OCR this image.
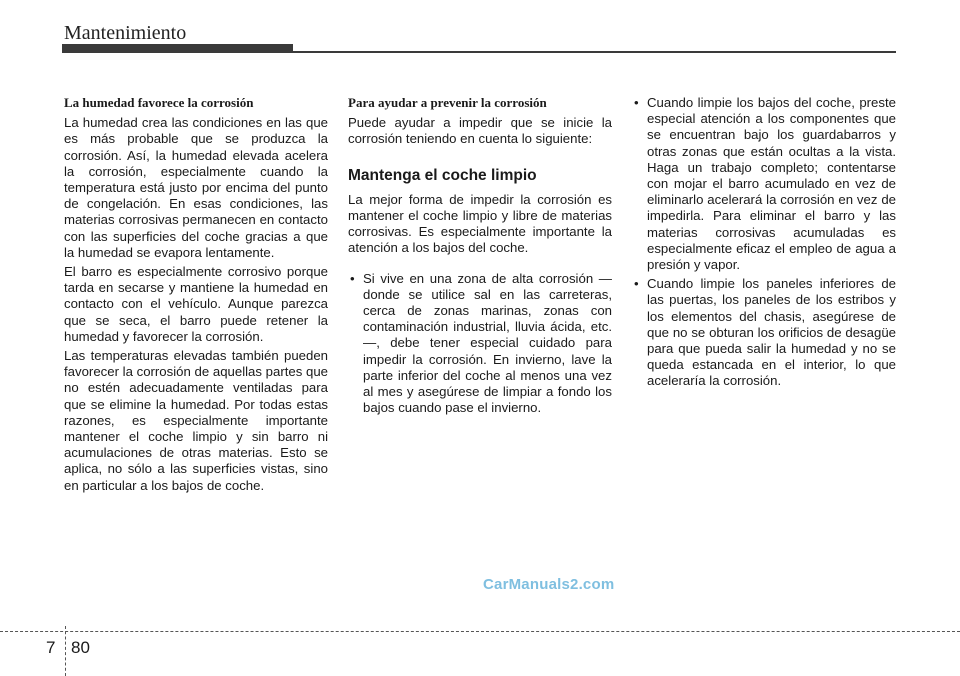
Mantenimiento
La humedad favorece la corrosión

La humedad crea las condiciones en las que es más probable que se produzca la corrosión. Así, la humedad elevada acelera la corrosión, especialmente cuando la temperatura está justo por encima del punto de congelación. En esas condiciones, las materias corrosivas permanecen en contacto con las superficies del coche gracias a que la humedad se evapora lentamente.

El barro es especialmente corrosivo porque tarda en secarse y mantiene la humedad en contacto con el vehículo. Aunque parezca que se seca, el barro puede retener la humedad y favorecer la corrosión.

Las temperaturas elevadas también pueden favorecer la corrosión de aquellas partes que no estén adecuadamente ventiladas para que se elimine la humedad. Por todas estas razones, es especialmente importante mantener el coche limpio y sin barro ni acumulaciones de otras materias. Esto se aplica, no sólo a las superficies vistas, sino en particular a los bajos de coche.

Para ayudar a prevenir la corrosión

Puede ayudar a impedir que se inicie la corrosión teniendo en cuenta lo siguiente:

Mantenga el coche limpio

La mejor forma de impedir la corrosión es mantener el coche limpio y libre de materias corrosivas. Es especialmente importante la atención a los bajos del coche.

• Si vive en una zona de alta corrosión — donde se utilice sal en las carreteras, cerca de zonas marinas, zonas con contaminación industrial, lluvia ácida, etc.—, debe tener especial cuidado para impedir la corrosión. En invierno, lave la parte inferior del coche al menos una vez al mes y asegúrese de limpiar a fondo los bajos cuando pase el invierno.
• Cuando limpie los bajos del coche, preste especial atención a los componentes que se encuentran bajo los guardabarros y otras zonas que están ocultas a la vista. Haga un trabajo completo; contentarse con mojar el barro acumulado en vez de eliminarlo acelerará la corrosión en vez de impedirla. Para eliminar el barro y las materias corrosivas acumuladas es especialmente eficaz el empleo de agua a presión y vapor.
• Cuando limpie los paneles inferiores de las puertas, los paneles de los estribos y los elementos del chasis, asegúrese de que no se obturan los orificios de desagüe para que pueda salir la humedad y no se queda estancada en el interior, lo que aceleraría la corrosión.
CarManuals2.com
7 80
